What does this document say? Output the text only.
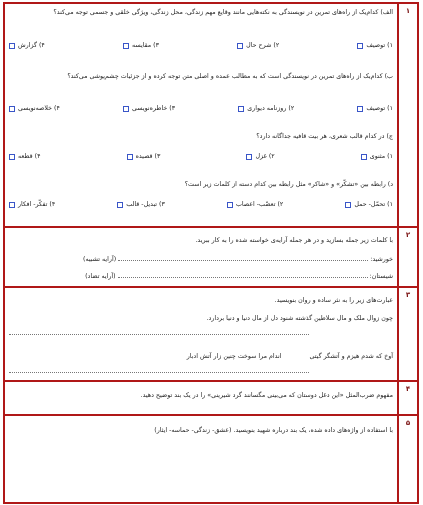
۱
الف) کدام‌یک از راه‌های تمرین در نویسندگی به نکته‌هایی مانند وقایع مهم زندگی، محل زندگی، ویژگی خلقی و جسمی توجه می‌کند؟
۱) توصیف
۲) شرح حال
۳) مقایسه
۴) گزارش
ب) کدام‌یک از راه‌های تمرین در نویسندگی است که به مطالب عمده و اصلی متن توجه کرده و از جزئیات چشم‌پوشی می‌کند؟
۱) توصیف
۲) روزنامه دیواری
۳) خاطره‌نویسی
۴) خلاصه‌نویسی
ج) در کدام قالب شعری، هر بیت قافیه جداگانه دارد؟
۱) مثنوی
۲) غزل
۳) قصیده
۴) قطعه
د) رابطه بین «تشکّر» و «شاکر» مثل رابطه بین کدام دسته از کلمات زیر است؟
۱) تحمّل- حمل
۲) تعصّب- اعصاب
۳) تبدیل- قالب
۴) تفکّر- افکار
۲
با کلمات زیر جمله بسازید و در هر جمله آرایه‌ی خواسته شده را به کار ببرید.
خورشید:  (آرایه تشبیه)
شیستان:  (آرایه تضاد)
۳
عبارت‌های زیر را به نثر ساده و روان بنویسید.
چون زوال ملک و مال سلاطین گذشته شنود دل از مال دنیا و دنیا بردارد.
آوخ که شدم هیزم و آتشگر گیتی  اندام مرا سوخت چنین زار آتش ادبار
۴
مفهوم ضرب‌المثل «این دغل دوستان که می‌بینی مگسانند گرد شیرینی» را در یک بند توضیح دهید.
۵
با استفاده از واژه‌های داده شده، یک بند درباره شهید بنویسید. (عشق- زندگی- حماسه- ایثار)
